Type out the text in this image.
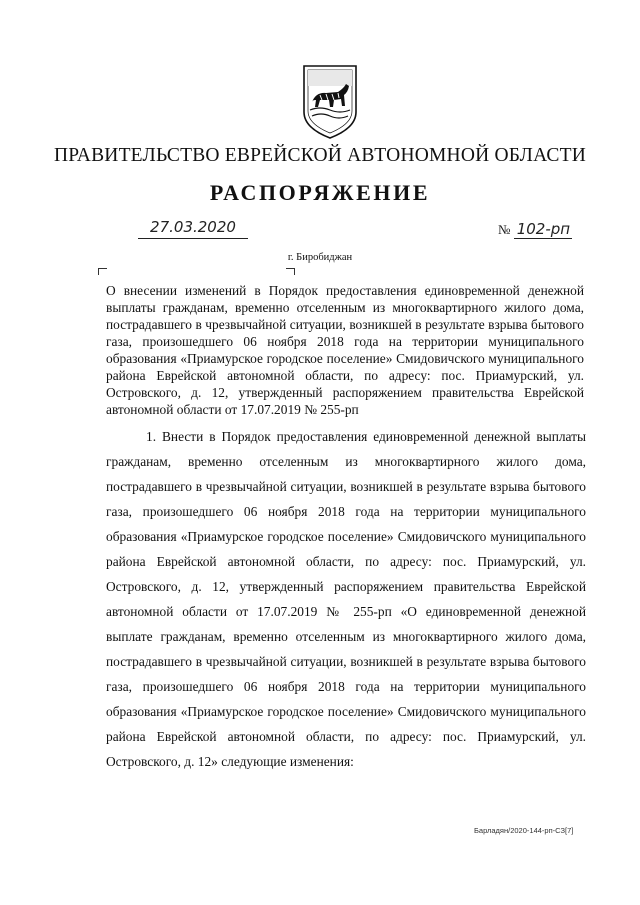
ПРАВИТЕЛЬСТВО ЕВРЕЙСКОЙ АВТОНОМНОЙ ОБЛАСТИ
РАСПОРЯЖЕНИЕ
27.03.2020	№ 102-рп
г. Биробиджан
О внесении изменений в Порядок предоставления единовременной денежной выплаты гражданам, временно отселенным из многоквартирного жилого дома, пострадавшего в чрезвычайной ситуации, возникшей в результате взрыва бытового газа, произошедшего 06 ноября 2018 года на территории муниципального образования «Приамурское городское поселение» Смидовичского муниципального района Еврейской автономной области, по адресу: пос. Приамурский, ул. Островского, д. 12, утвержденный распоряжением правительства Еврейской автономной области от 17.07.2019 № 255-рп
1. Внести в Порядок предоставления единовременной денежной выплаты гражданам, временно отселенным из многоквартирного жилого дома, пострадавшего в чрезвычайной ситуации, возникшей в результате взрыва бытового газа, произошедшего 06 ноября 2018 года на территории муниципального образования «Приамурское городское поселение» Смидовичского муниципального района Еврейской автономной области, по адресу: пос. Приамурский, ул. Островского, д. 12, утвержденный распоряжением правительства Еврейской автономной области от 17.07.2019 № 255-рп «О единовременной денежной выплате гражданам, временно отселенным из многоквартирного жилого дома, пострадавшего в чрезвычайной ситуации, возникшей в результате взрыва бытового газа, произошедшего 06 ноября 2018 года на территории муниципального образования «Приамурское городское поселение» Смидовичского муниципального района Еврейской автономной области, по адресу: пос. Приамурский, ул. Островского, д. 12» следующие изменения:
Барладян/2020-144-рп-СЗ[7]
